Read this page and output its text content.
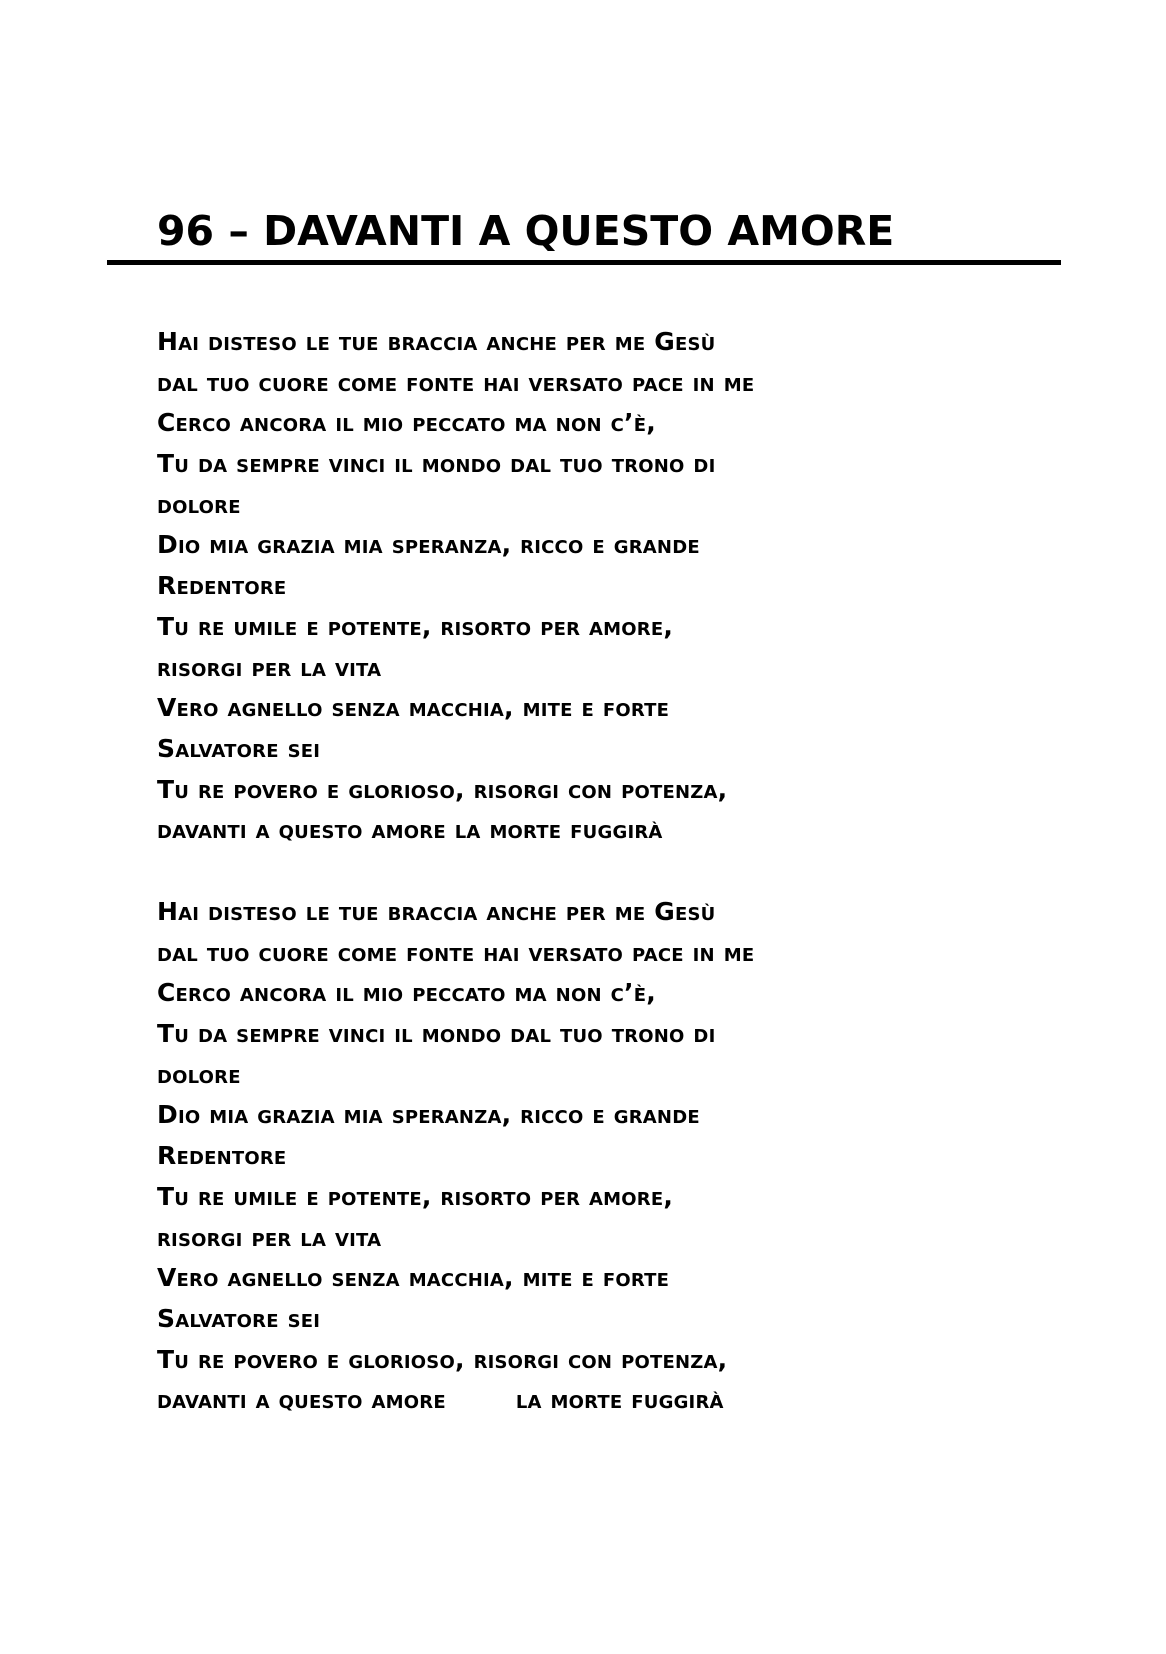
96 – DAVANTI A QUESTO AMORE
Hai disteso le tue braccia anche per me Gesù
dal tuo cuore come fonte hai versato pace in me
Cerco ancora il mio peccato ma non c’è,
Tu da sempre vinci il mondo dal tuo trono di
dolore
Dio mia grazia mia speranza, ricco e grande
Redentore
Tu re umile e potente, risorto per amore,
risorgi per la vita
Vero agnello senza macchia, mite e forte
Salvatore sei
Tu re povero e glorioso, risorgi con potenza,
davanti a questo amore la morte fuggirà
Hai disteso le tue braccia anche per me Gesù
dal tuo cuore come fonte hai versato pace in me
Cerco ancora il mio peccato ma non c’è,
Tu da sempre vinci il mondo dal tuo trono di
dolore
Dio mia grazia mia speranza, ricco e grande
Redentore
Tu re umile e potente, risorto per amore,
risorgi per la vita
Vero agnello senza macchia, mite e forte
Salvatore sei
Tu re povero e glorioso, risorgi con potenza,
davanti a questo amore	la morte fuggirà
